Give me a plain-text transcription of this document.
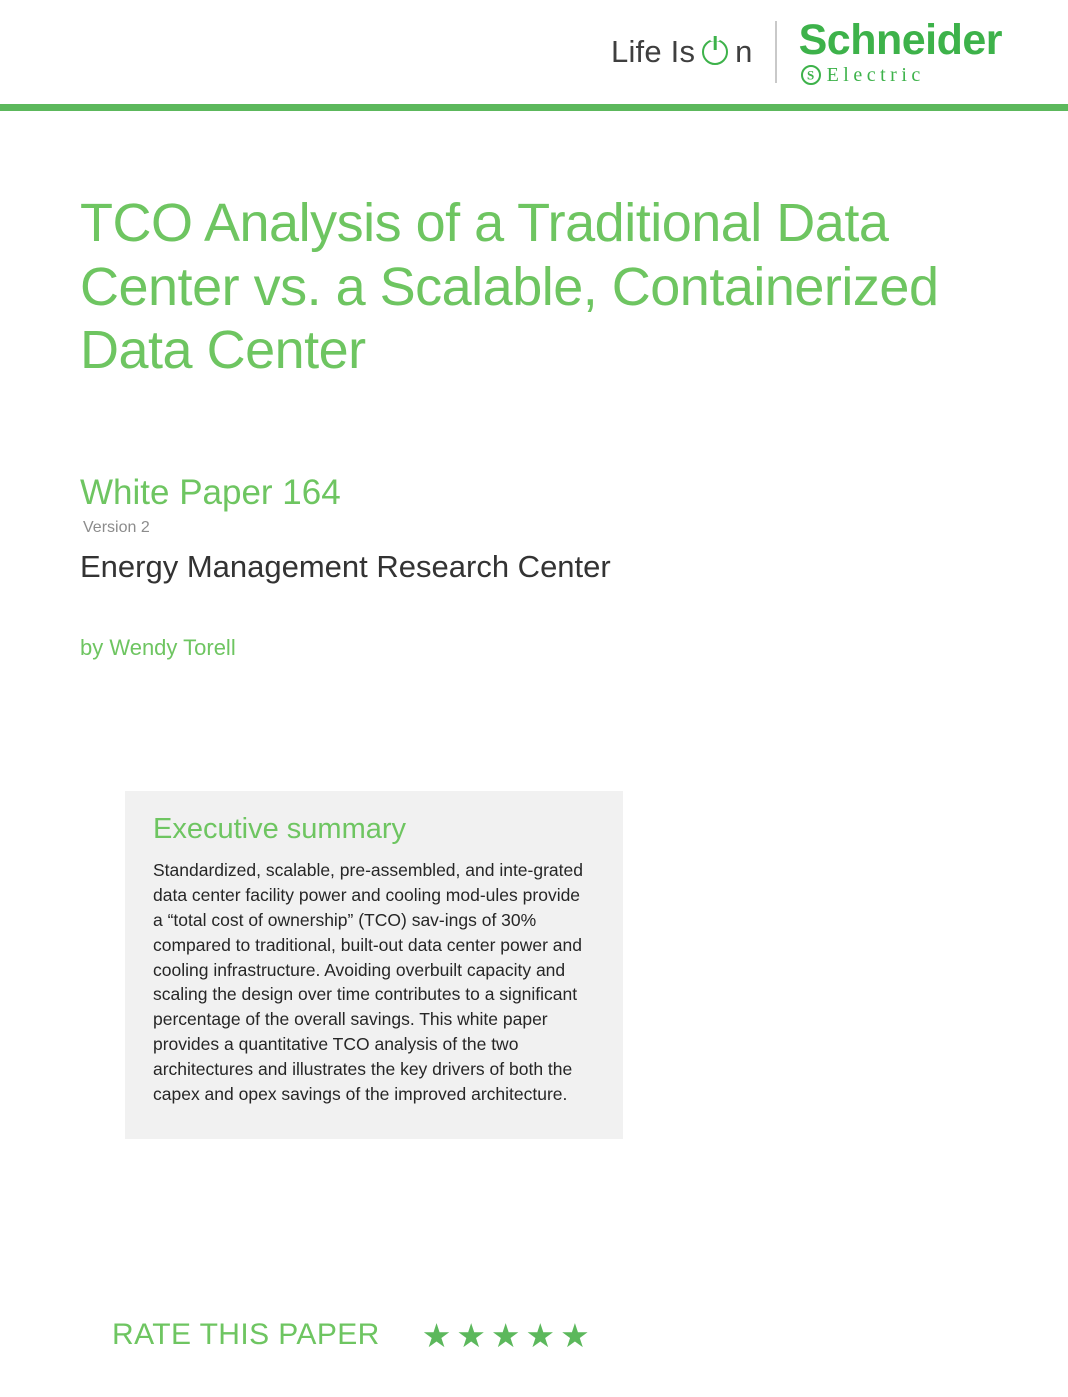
Life Is n Schneider
S
Electric
TCO Analysis of a Traditional Data Center vs. a Scalable, Containerized Data Center
White Paper 164
Version 2
Energy Management Research Center
by Wendy Torell
Executive summary

Standardized, scalable, pre-assembled, and inte-grated data center facility power and cooling mod-ules provide a “total cost of ownership” (TCO) sav-ings of 30% compared to traditional, built-out data center power and cooling infrastructure. Avoiding overbuilt capacity and scaling the design over time contributes to a significant percentage of the overall savings. This white paper provides a quantitative TCO analysis of the two architectures and illustrates the key drivers of both the capex and opex savings of the improved architecture.

RATE THIS PAPER ★ ★ ★ ★ ★
